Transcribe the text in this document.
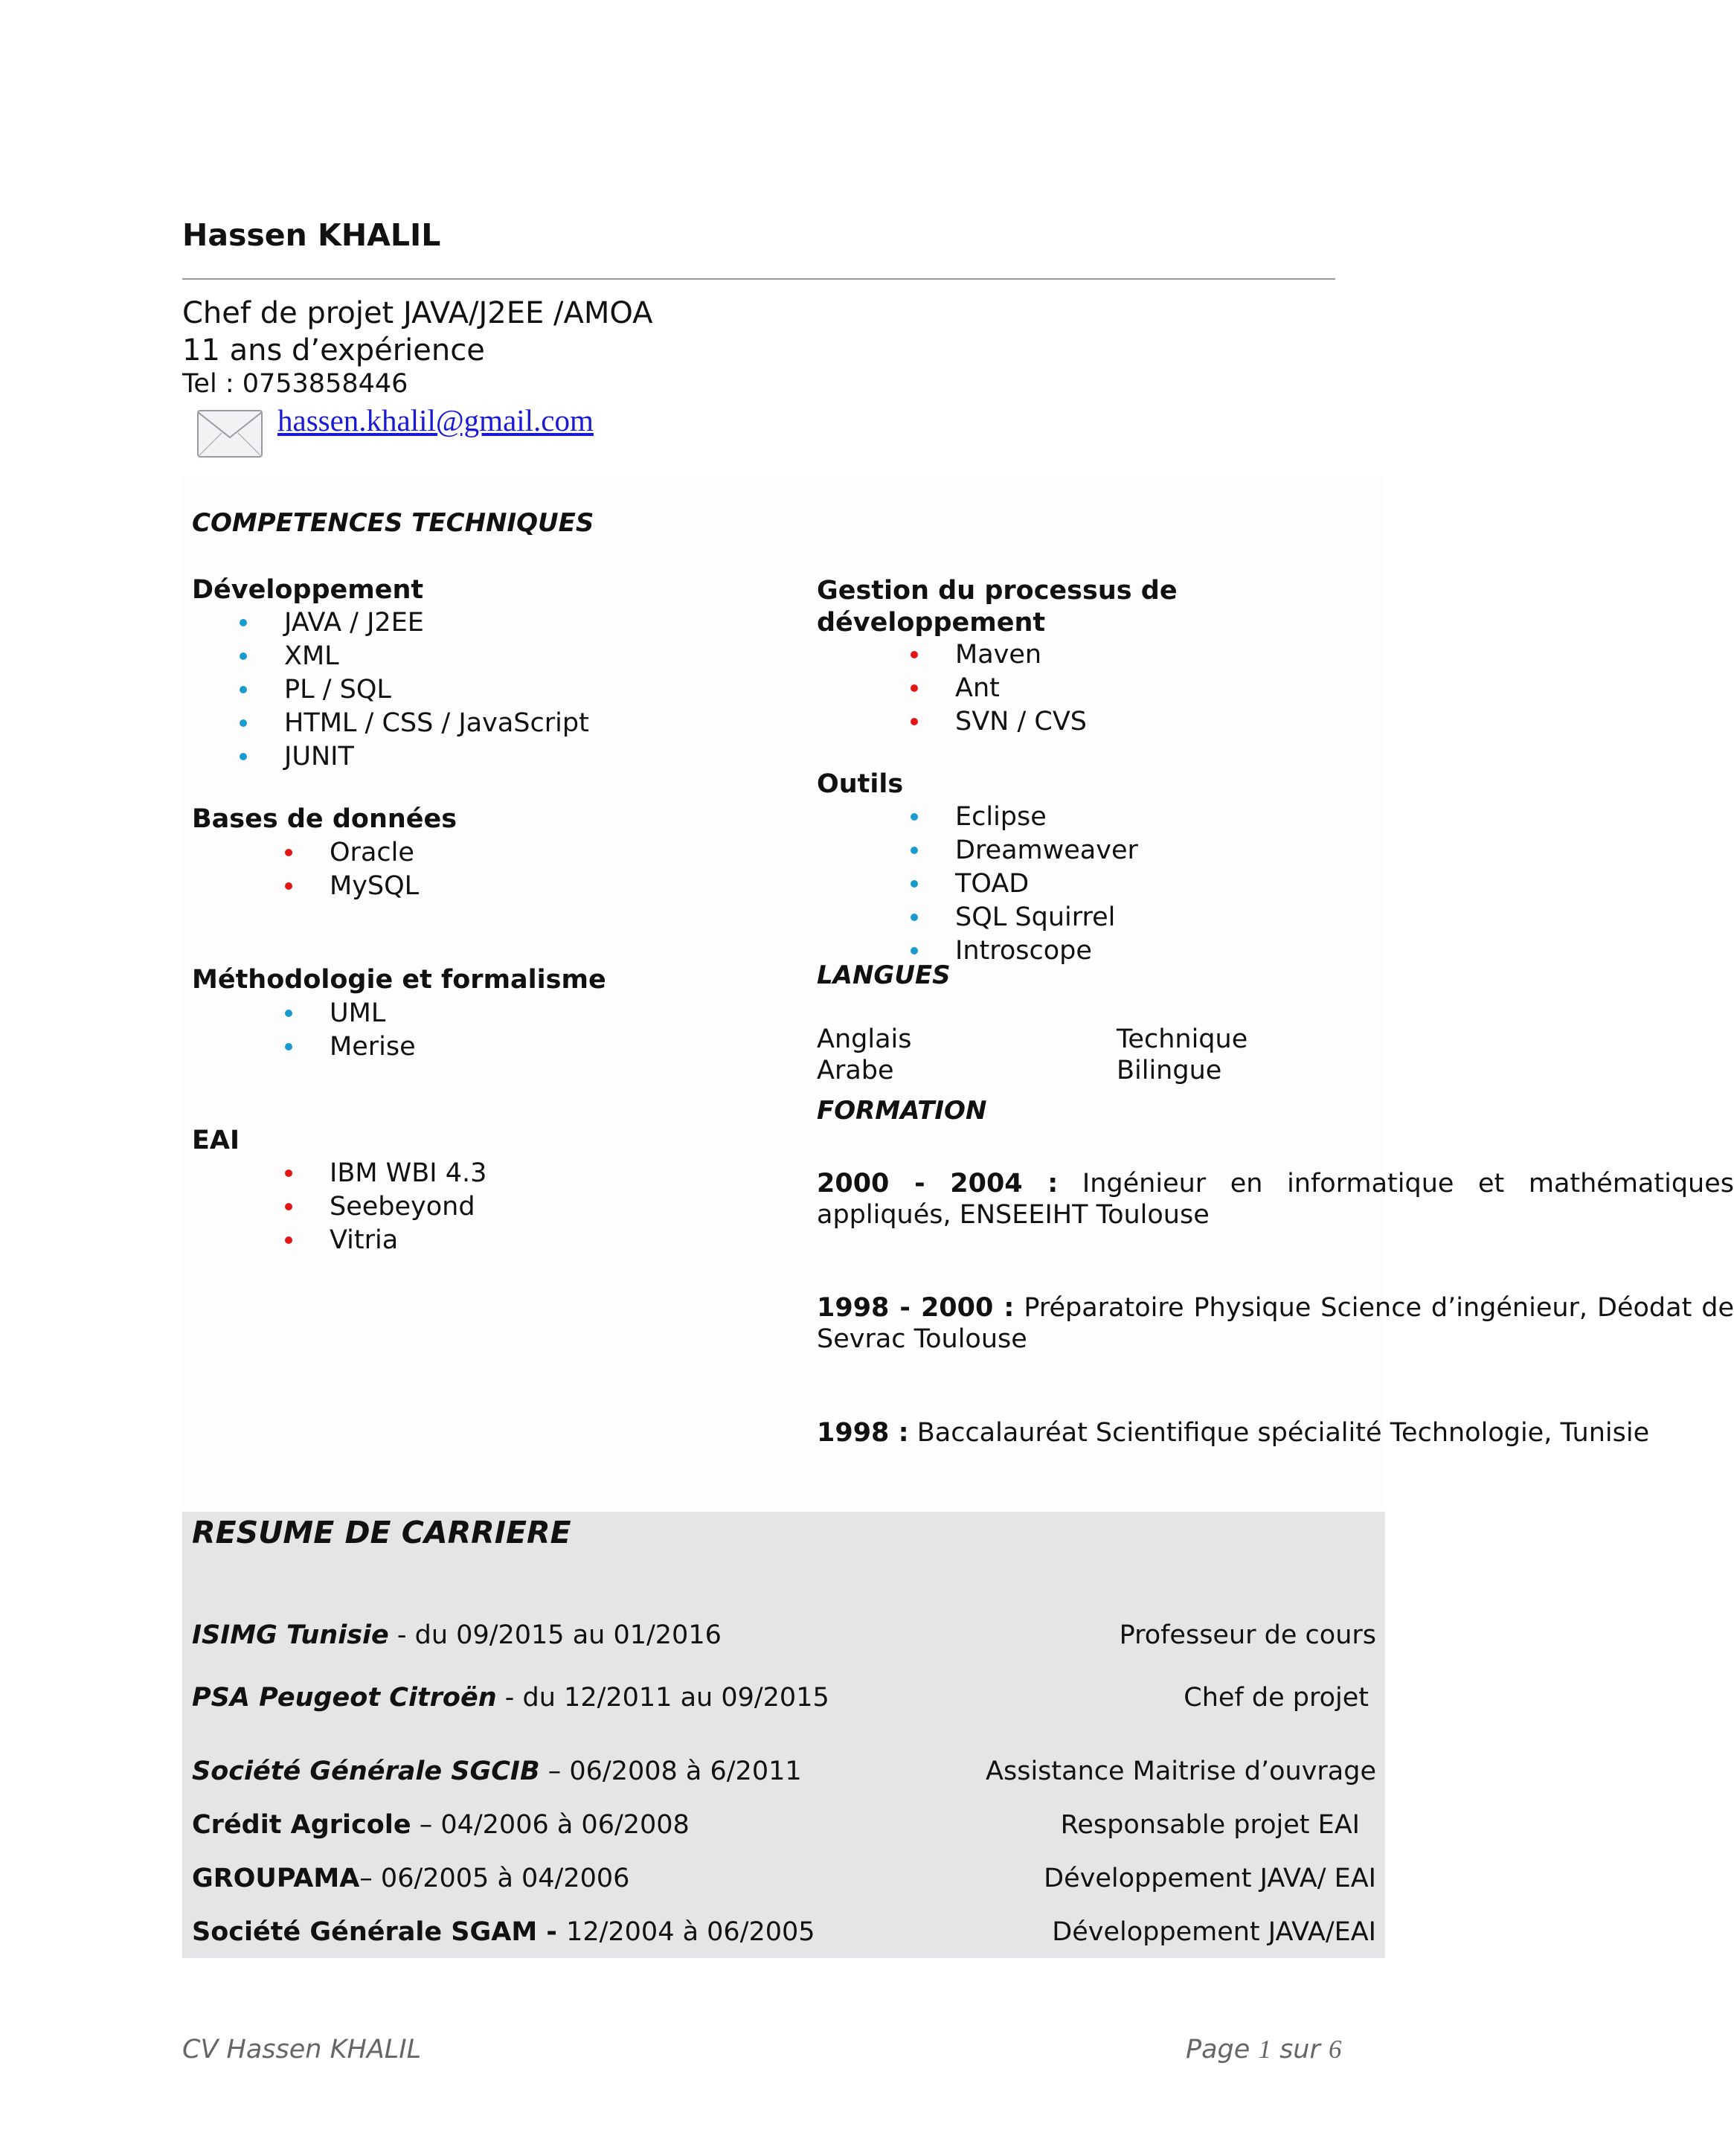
Hassen KHALIL
Chef de projet JAVA/J2EE /AMOA
11 ans d’expérience
Tel : 0753858446
hassen.khalil@gmail.com
COMPETENCES TECHNIQUES
Développement
JAVA / J2EE
XML
PL / SQL
HTML / CSS / JavaScript
JUNIT
Bases de données
Oracle
MySQL
Méthodologie et formalisme
UML
Merise
EAI
IBM WBI 4.3
Seebeyond
Vitria
Gestion du processus de
développement
Maven
Ant
SVN / CVS
Outils
Eclipse
Dreamweaver
TOAD
SQL Squirrel
Introscope
LANGUES
Anglais	Technique
Arabe	Bilingue
FORMATION
2000 - 2004 : Ingénieur en informatique et mathématiques appliqués, ENSEEIHT Toulouse
1998 - 2000 : Préparatoire Physique Science d’ingénieur, Déodat de Sevrac Toulouse
1998 : Baccalauréat Scientifique spécialité Technologie, Tunisie
RESUME DE CARRIERE
ISIMG Tunisie - du 09/2015 au 01/2016	Professeur de cours
PSA Peugeot Citroën - du 12/2011 au 09/2015	Chef de projet
Société Générale SGCIB – 06/2008 à 6/2011	Assistance Maitrise d’ouvrage
Crédit Agricole – 04/2006 à 06/2008	Responsable projet EAI
GROUPAMA– 06/2005 à 04/2006	Développement JAVA/ EAI
Société Générale SGAM - 12/2004 à 06/2005	Développement JAVA/EAI
CV Hassen KHALIL	Page 1 sur 6
